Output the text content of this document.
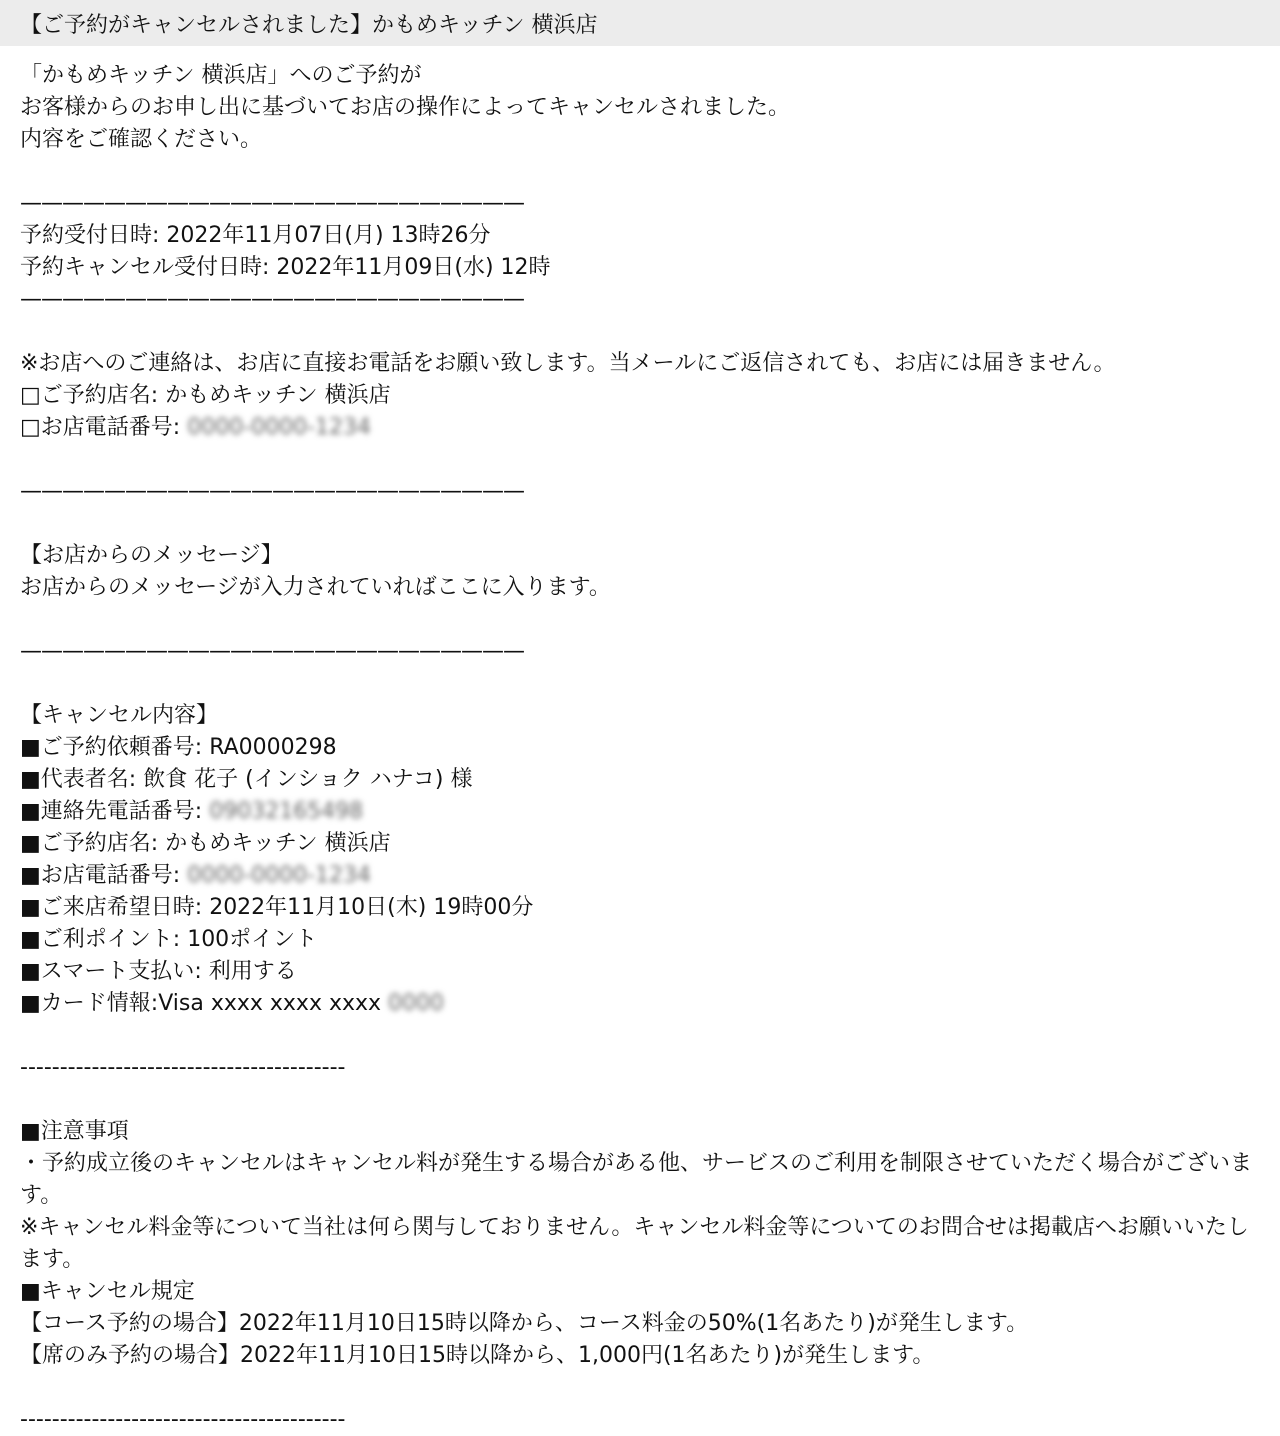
【ご予約がキャンセルされました】かもめキッチン 横浜店
「かもめキッチン 横浜店」へのご予約が
お客様からのお申し出に基づいてお店の操作によってキャンセルされました。
内容をご確認ください。
————————————————————————
予約受付日時: 2022年11月07日(月) 13時26分
予約キャンセル受付日時: 2022年11月09日(水) 12時
————————————————————————
※お店へのご連絡は、お店に直接お電話をお願い致します。当メールにご返信されても、お店には届きません。
□ご予約店名: かもめキッチン 横浜店
□お店電話番号: 0000-0000-1234
————————————————————————
【お店からのメッセージ】
お店からのメッセージが入力されていればここに入ります。
————————————————————————
【キャンセル内容】
■ご予約依頼番号: RA0000298
■代表者名: 飲食 花子 (インショク ハナコ) 様
■連絡先電話番号: 09032165498
■ご予約店名: かもめキッチン 横浜店
■お店電話番号: 0000-0000-1234
■ご来店希望日時: 2022年11月10日(木) 19時00分
■ご利ポイント: 100ポイント
■スマート支払い: 利用する
■カード情報:Visa xxxx xxxx xxxx 0000
-----------------------------------------
■注意事項
・予約成立後のキャンセルはキャンセル料が発生する場合がある他、サービスのご利用を制限させていただく場合がございます。
※キャンセル料金等について当社は何ら関与しておりません。キャンセル料金等についてのお問合せは掲載店へお願いいたします。
■キャンセル規定
【コース予約の場合】2022年11月10日15時以降から、コース料金の50%(1名あたり)が発生します。
【席のみ予約の場合】2022年11月10日15時以降から、1,000円(1名あたり)が発生します。
-----------------------------------------
